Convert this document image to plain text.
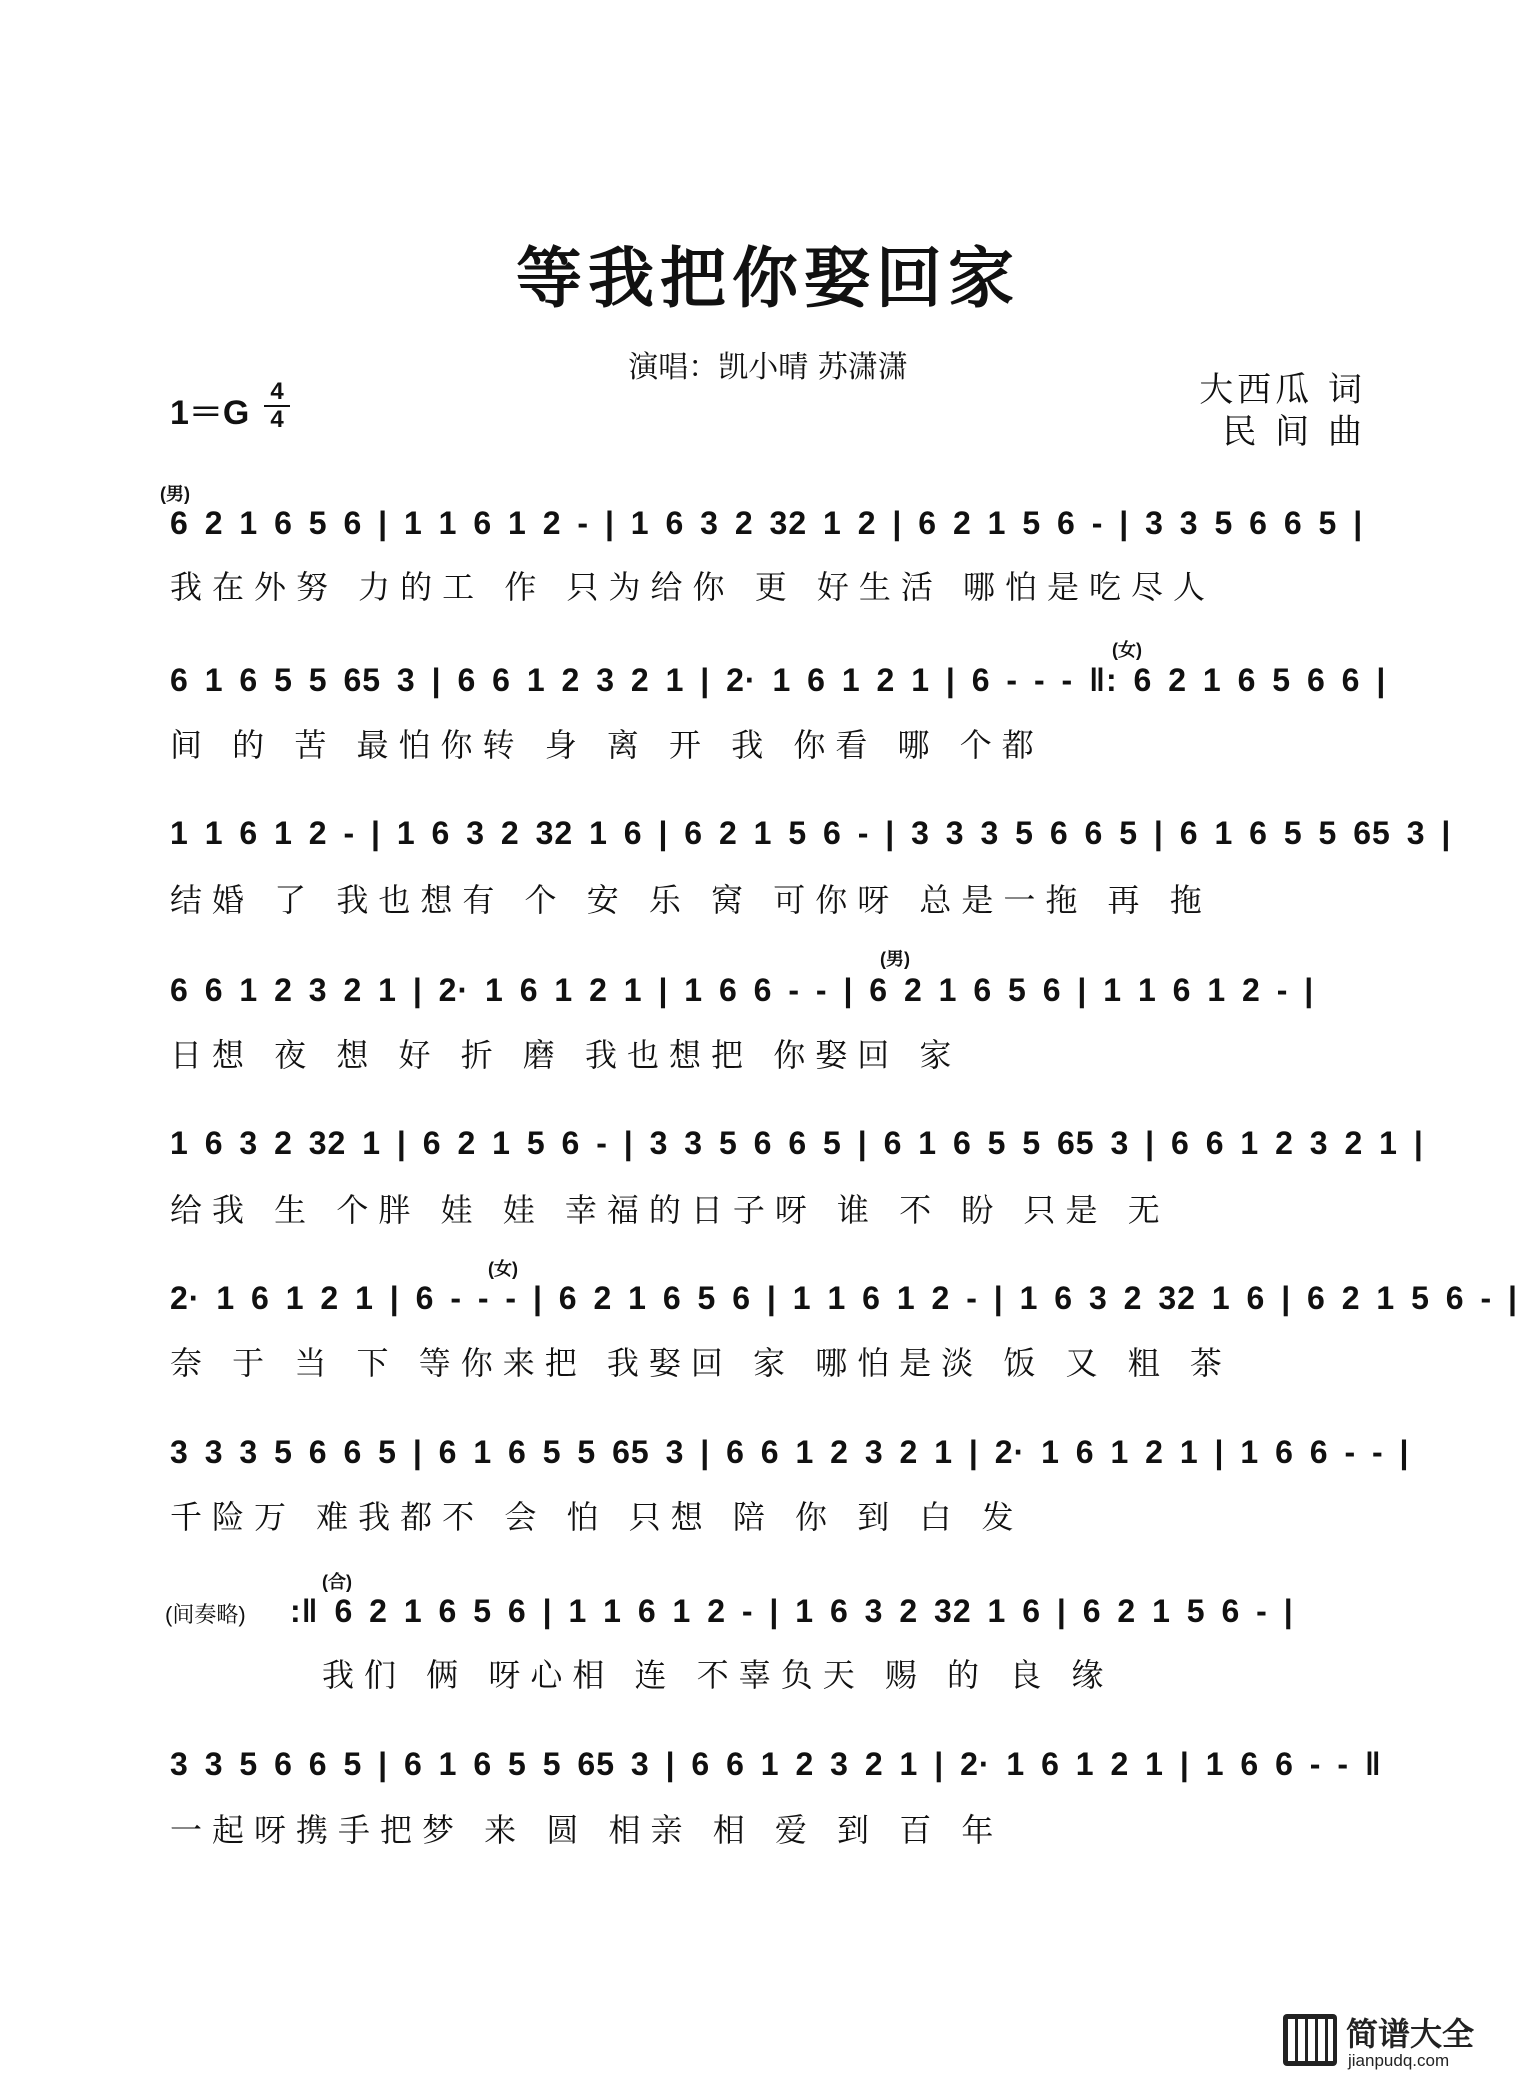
等我把你娶回家
演唱：凯小晴 苏潇潇
大西瓜 词
民 间 曲
1＝G
4
4
(男)
6 2 1 6 5 6 | 1 1 6 1 2 - | 1 6 3 2 32 1 2 | 6 2 1 5 6 - | 3 3 5 6 6 5 |
我在外努 力的工 作 只为给你 更 好生活 哪怕是吃尽人
(女)
6 1 6 5 5 65 3 | 6 6 1 2 3 2 1 | 2· 1 6 1 2 1 | 6 - - - ‖: 6 2 1 6 5 6 6 |
间 的 苦 最怕你转 身 离 开 我 你看 哪 个都
1 1 6 1 2 - | 1 6 3 2 32 1 6 | 6 2 1 5 6 - | 3 3 3 5 6 6 5 | 6 1 6 5 5 65 3 |
结婚 了 我也想有 个 安 乐 窝 可你呀 总是一拖 再 拖
(男)
6 6 1 2 3 2 1 | 2· 1 6 1 2 1 | 1 6 6 - - | 6 2 1 6 5 6 | 1 1 6 1 2 - |
日想 夜 想 好 折 磨 我也想把 你娶回 家
1 6 3 2 32 1 | 6 2 1 5 6 - | 3 3 5 6 6 5 | 6 1 6 5 5 65 3 | 6 6 1 2 3 2 1 |
给我 生 个胖 娃 娃 幸福的日子呀 谁 不 盼 只是 无
(女)
2· 1 6 1 2 1 | 6 - - - | 6 2 1 6 5 6 | 1 1 6 1 2 - | 1 6 3 2 32 1 6 | 6 2 1 5 6 - |
奈 于 当 下 等你来把 我娶回 家 哪怕是淡 饭 又 粗 茶
3 3 3 5 6 6 5 | 6 1 6 5 5 65 3 | 6 6 1 2 3 2 1 | 2· 1 6 1 2 1 | 1 6 6 - - |
千险万 难我都不 会 怕 只想 陪 你 到 白 发
(间奏略)
(合)
:‖ 6 2 1 6 5 6 | 1 1 6 1 2 - | 1 6 3 2 32 1 6 | 6 2 1 5 6 - |
我们 俩 呀心相 连 不辜负天 赐 的 良 缘
3 3 5 6 6 5 | 6 1 6 5 5 65 3 | 6 6 1 2 3 2 1 | 2· 1 6 1 2 1 | 1 6 6 - - ‖
一起呀携手把梦 来 圆 相亲 相 爱 到 百 年
简谱大全
jianpudq.com
